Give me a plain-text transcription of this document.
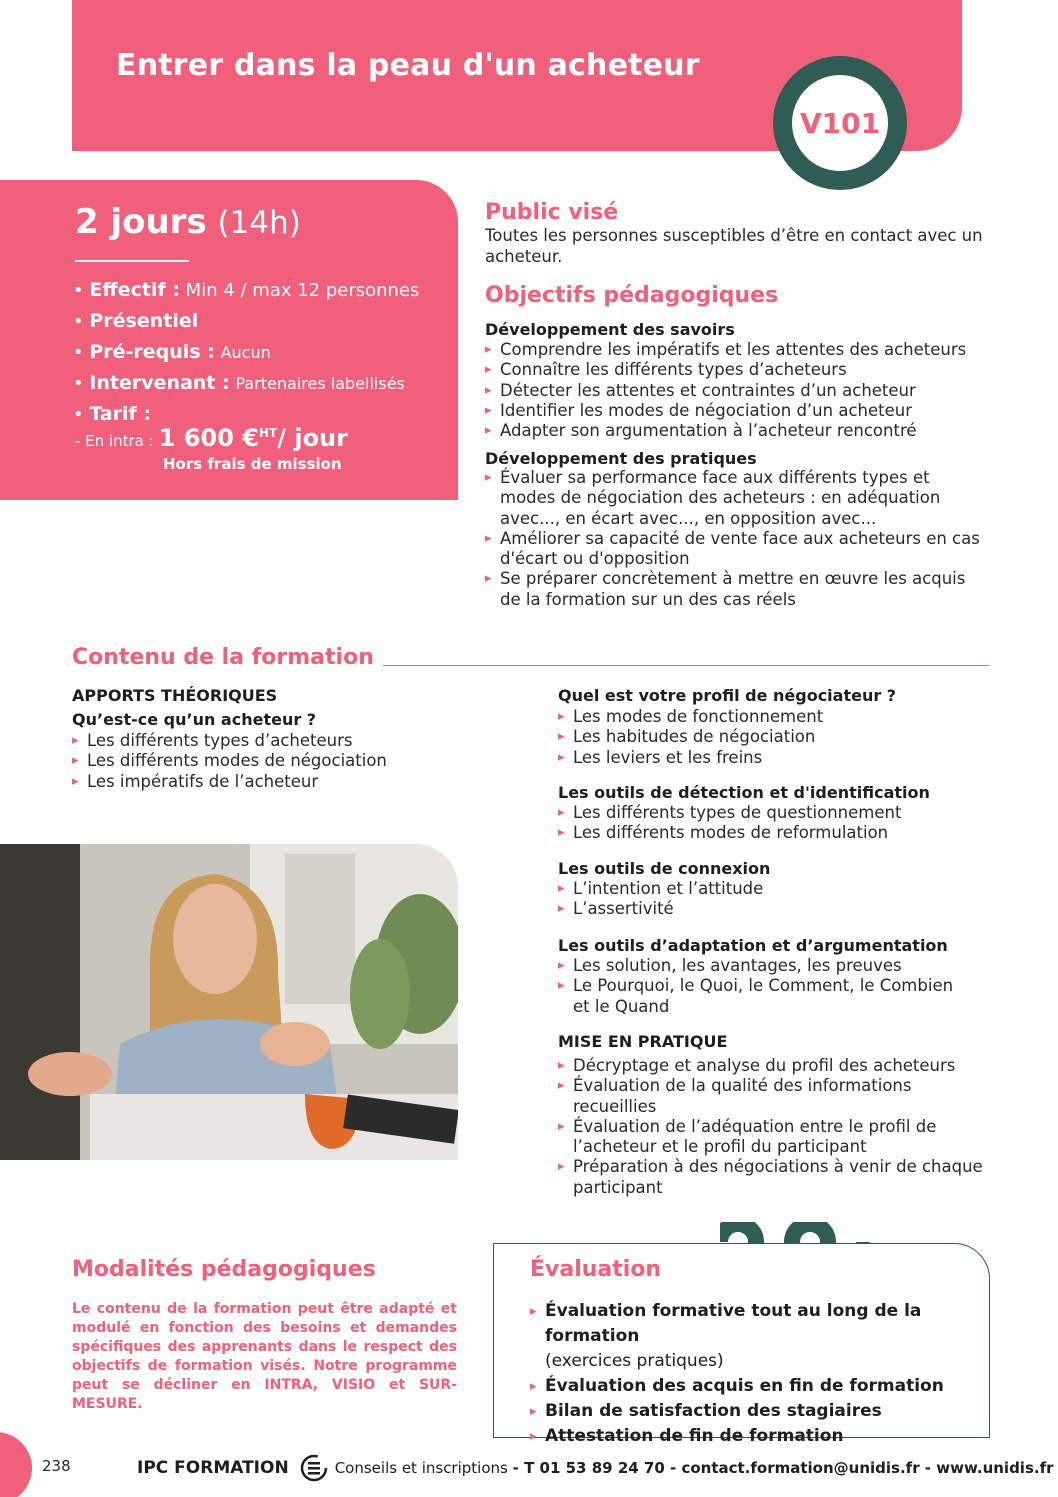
Entrer dans la peau d'un acheteur
V101
2 jours (14h)
• Effectif : Min 4 / max 12 personnes
• Présentiel
• Pré-requis : Aucun
• Intervenant : Partenaires labellisés
• Tarif :
- En intra : 1 600 €$^{HT}$/ jour
Hors frais de mission
Public visé
Toutes les personnes susceptibles d’être en contact avec un acheteur.
Objectifs pédagogiques
Développement des savoirs
▸ Comprendre les impératifs et les attentes des acheteurs
▸ Connaître les différents types d’acheteurs
▸ Détecter les attentes et contraintes d’un acheteur
▸ Identifier les modes de négociation d’un acheteur
▸ Adapter son argumentation à l’acheteur rencontré
Développement des pratiques
▸ Évaluer sa performance face aux différents types et modes de négociation des acheteurs : en adéquation avec..., en écart avec..., en opposition avec...
▸ Améliorer sa capacité de vente face aux acheteurs en cas d'écart ou d'opposition
▸ Se préparer concrètement à mettre en œuvre les acquis de la formation sur un des cas réels
Contenu de la formation
APPORTS THÉORIQUES
Qu’est-ce qu’un acheteur ?
▸ Les différents types d’acheteurs
▸ Les différents modes de négociation
▸ Les impératifs de l’acheteur
Quel est votre profil de négociateur ?
▸ Les modes de fonctionnement
▸ Les habitudes de négociation
▸ Les leviers et les freins
Les outils de détection et d'identification
▸ Les différents types de questionnement
▸ Les différents modes de reformulation
Les outils de connexion
▸ L’intention et l’attitude
▸ L’assertivité
Les outils d’adaptation et d’argumentation
▸ Les solution, les avantages, les preuves
▸ Le Pourquoi, le Quoi, le Comment, le Combien et le Quand
MISE EN PRATIQUE
▸ Décryptage et analyse du profil des acheteurs
▸ Évaluation de la qualité des informations recueillies
▸ Évaluation de l’adéquation entre le profil de l’acheteur et le profil du participant
▸ Préparation à des négociations à venir de chaque participant
Modalités pédagogiques
Le contenu de la formation peut être adapté et modulé en fonction des besoins et demandes spécifiques des apprenants dans le respect des objectifs de formation visés. Notre programme peut se décliner en INTRA, VISIO et SUR-MESURE.
Évaluation
▸ Évaluation formative tout au long de la formation
(exercices pratiques)
▸ Évaluation des acquis en fin de formation
▸ Bilan de satisfaction des stagiaires
▸ Attestation de fin de formation
238	IPC FORMATION	Conseils et inscriptions
- T 01 53 89 24 70 - contact.formation@unidis.fr - www.unidis.fr
